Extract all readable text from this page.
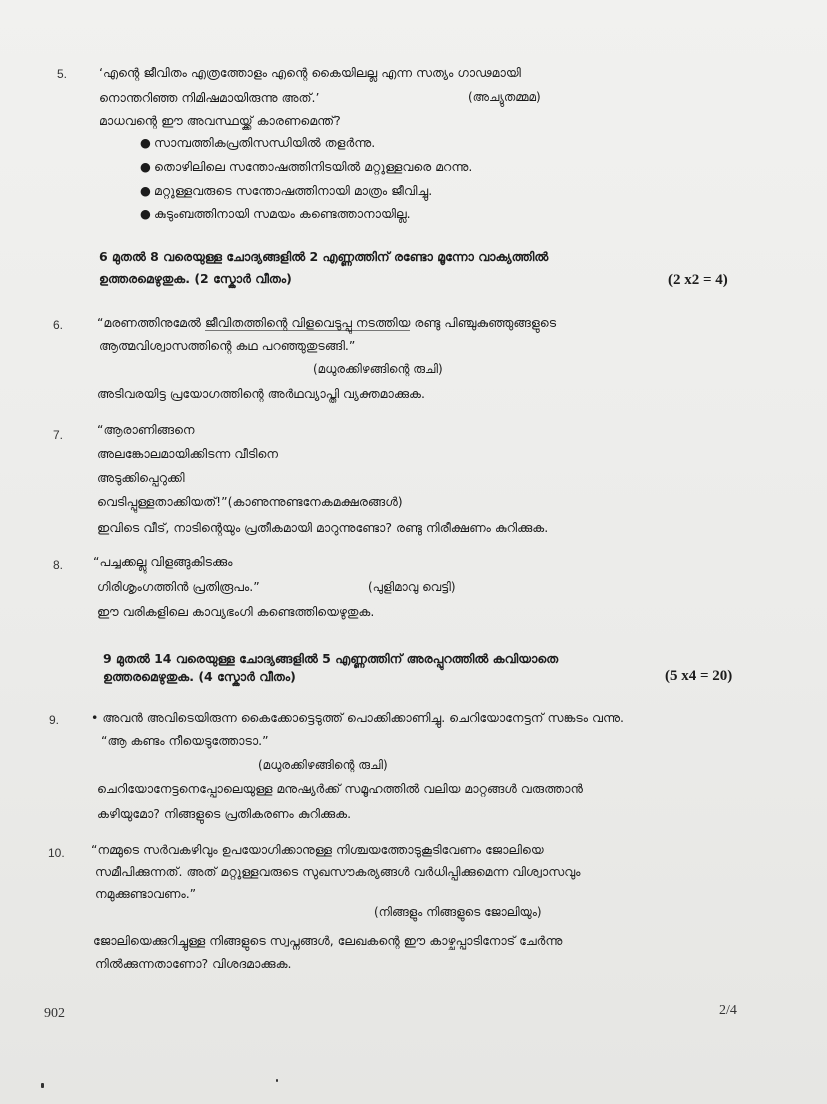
5.	‘എന്റെ ജീവിതം എത്രത്തോളം എന്റെ കൈയിലല്ല എന്ന സത്യം ഗാഢമായി
നൊന്തറിഞ്ഞ നിമിഷമായിരുന്നു അത്.’	(അച്യുതമ്മമ)
മാധവന്റെ ഈ അവസ്ഥയ്ക്ക് കാരണമെന്ത്?
● സാമ്പത്തികപ്രതിസന്ധിയിൽ തളർന്നു.
● തൊഴിലിലെ സന്തോഷത്തിനിടയിൽ മറ്റുള്ളവരെ മറന്നു.
● മറ്റുള്ളവരുടെ സന്തോഷത്തിനായി മാത്രം ജീവിച്ചു.
● കുടുംബത്തിനായി സമയം കണ്ടെത്താനായില്ല.
6 മുതൽ 8 വരെയുള്ള ചോദ്യങ്ങളിൽ 2 എണ്ണത്തിന് രണ്ടോ മൂന്നോ വാക്യത്തിൽ
ഉത്തരമെഴുതുക. (2 സ്കോർ വീതം)	(2 x2 = 4)
6.	“മരണത്തിനുമേൽ ജീവിതത്തിന്റെ വിളവെടുപ്പു നടത്തിയ രണ്ടു പിഞ്ചുകുഞ്ഞുങ്ങളുടെ
ആത്മവിശ്വാസത്തിന്റെ കഥ പറഞ്ഞുതുടങ്ങി.”
(മധുരക്കിഴങ്ങിന്റെ രുചി)
അടിവരയിട്ട പ്രയോഗത്തിന്റെ അർഥവ്യാപ്തി വ്യക്തമാക്കുക.
7.	“ആരാണിങ്ങനെ
അലങ്കോലമായിക്കിടന്ന വീടിനെ
അടുക്കിപ്പെറുക്കി
വെടിപ്പുള്ളതാക്കിയത്!”(കാണുന്നുണ്ടനേകമക്ഷരങ്ങൾ)
ഇവിടെ വീട്, നാടിന്റെയും പ്രതീകമായി മാറുന്നുണ്ടോ? രണ്ടു നിരീക്ഷണം കുറിക്കുക.
8. “പച്ചക്കല്ലു വിളങ്ങുകിടക്കും
ഗിരിശൃംഗത്തിൻ പ്രതിരൂപം.”	(പുളിമാവു വെട്ടി)
ഈ വരികളിലെ കാവ്യഭംഗി കണ്ടെത്തിയെഴുതുക.
9 മുതൽ 14 വരെയുള്ള ചോദ്യങ്ങളിൽ 5 എണ്ണത്തിന് അരപ്പുറത്തിൽ കവിയാതെ
ഉത്തരമെഴുതുക. (4 സ്കോർ വീതം)	(5 x4 = 20)
9.	• അവൻ അവിടെയിരുന്ന കൈക്കോട്ടെടുത്ത് പൊക്കിക്കാണിച്ചു. ചെറിയോനേട്ടന് സങ്കടം വന്നു.
“ആ കണ്ടം നീയെടുത്തോടാ.”
(മധുരക്കിഴങ്ങിന്റെ രുചി)
ചെറിയോനേട്ടനെപ്പോലെയുള്ള മനുഷ്യർക്ക് സമൂഹത്തിൽ വലിയ മാറ്റങ്ങൾ വരുത്താൻ
കഴിയുമോ? നിങ്ങളുടെ പ്രതികരണം കുറിക്കുക.
10. “നമ്മുടെ സർവകഴിവും ഉപയോഗിക്കാനുള്ള നിശ്ചയത്തോടുകൂടിവേണം ജോലിയെ
സമീപിക്കുന്നത്. അത് മറ്റുള്ളവരുടെ സുഖസൗകര്യങ്ങൾ വർധിപ്പിക്കുമെന്ന വിശ്വാസവും
നമുക്കുണ്ടാവണം.”
(നിങ്ങളും നിങ്ങളുടെ ജോലിയും)
ജോലിയെക്കുറിച്ചുള്ള നിങ്ങളുടെ സ്വപ്നങ്ങൾ, ലേഖകന്റെ ഈ കാഴ്ചപ്പാടിനോട് ചേർന്നു
നിൽക്കുന്നതാണോ? വിശദമാക്കുക.
902	2/4
